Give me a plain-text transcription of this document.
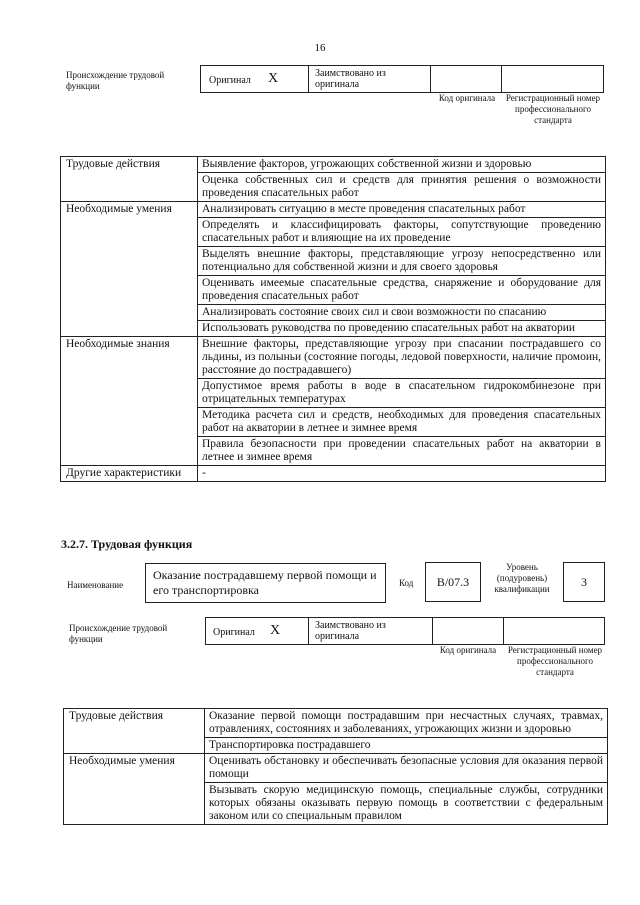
16
Происхождение трудовой функции	Оригинал X	Заимствовано из оригинала
Код оригинала	Регистрационный номер профессионального стандарта
Трудовые действия	Выявление факторов, угрожающих собственной жизни и здоровью
	Оценка собственных сил и средств для принятия решения о возможности проведения спасательных работ
Необходимые умения	Анализировать ситуацию в месте проведения спасательных работ
	Определять и классифицировать факторы, сопутствующие проведению спасательных работ и влияющие на их проведение
	Выделять внешние факторы, представляющие угрозу непосредственно или потенциально для собственной жизни и для своего здоровья
	Оценивать имеемые спасательные средства, снаряжение и оборудование для проведения спасательных работ
	Анализировать состояние своих сил и свои возможности по спасанию
	Использовать руководства по проведению спасательных работ на акватории
Необходимые знания	Внешние факторы, представляющие угрозу при спасании пострадавшего со льдины, из полыньи (состояние погоды, ледовой поверхности, наличие промоин, расстояние до пострадавшего)
	Допустимое время работы в воде в спасательном гидрокомбинезоне при отрицательных температурах
	Методика расчета сил и средств, необходимых для проведения спасательных работ на акватории в летнее и зимнее время
	Правила безопасности при проведении спасательных работ на акватории в летнее и зимнее время
Другие характеристики	-
3.2.7. Трудовая функция
Наименование
Оказание пострадавшему первой помощи и его транспортировка	Код	В/07.3
Уровень (подуровень) квалификации	3
Происхождение трудовой функции
Оригинал X	Заимствовано из оригинала
Код оригинала	Регистрационный номер профессионального стандарта
Трудовые действия	Оказание первой помощи пострадавшим при несчастных случаях, травмах, отравлениях, состояниях и заболеваниях, угрожающих жизни и здоровью
	Транспортировка пострадавшего
Необходимые умения	Оценивать обстановку и обеспечивать безопасные условия для оказания первой помощи
	Вызывать скорую медицинскую помощь, специальные службы, сотрудники которых обязаны оказывать первую помощь в соответствии с федеральным законом или со специальным правилом
